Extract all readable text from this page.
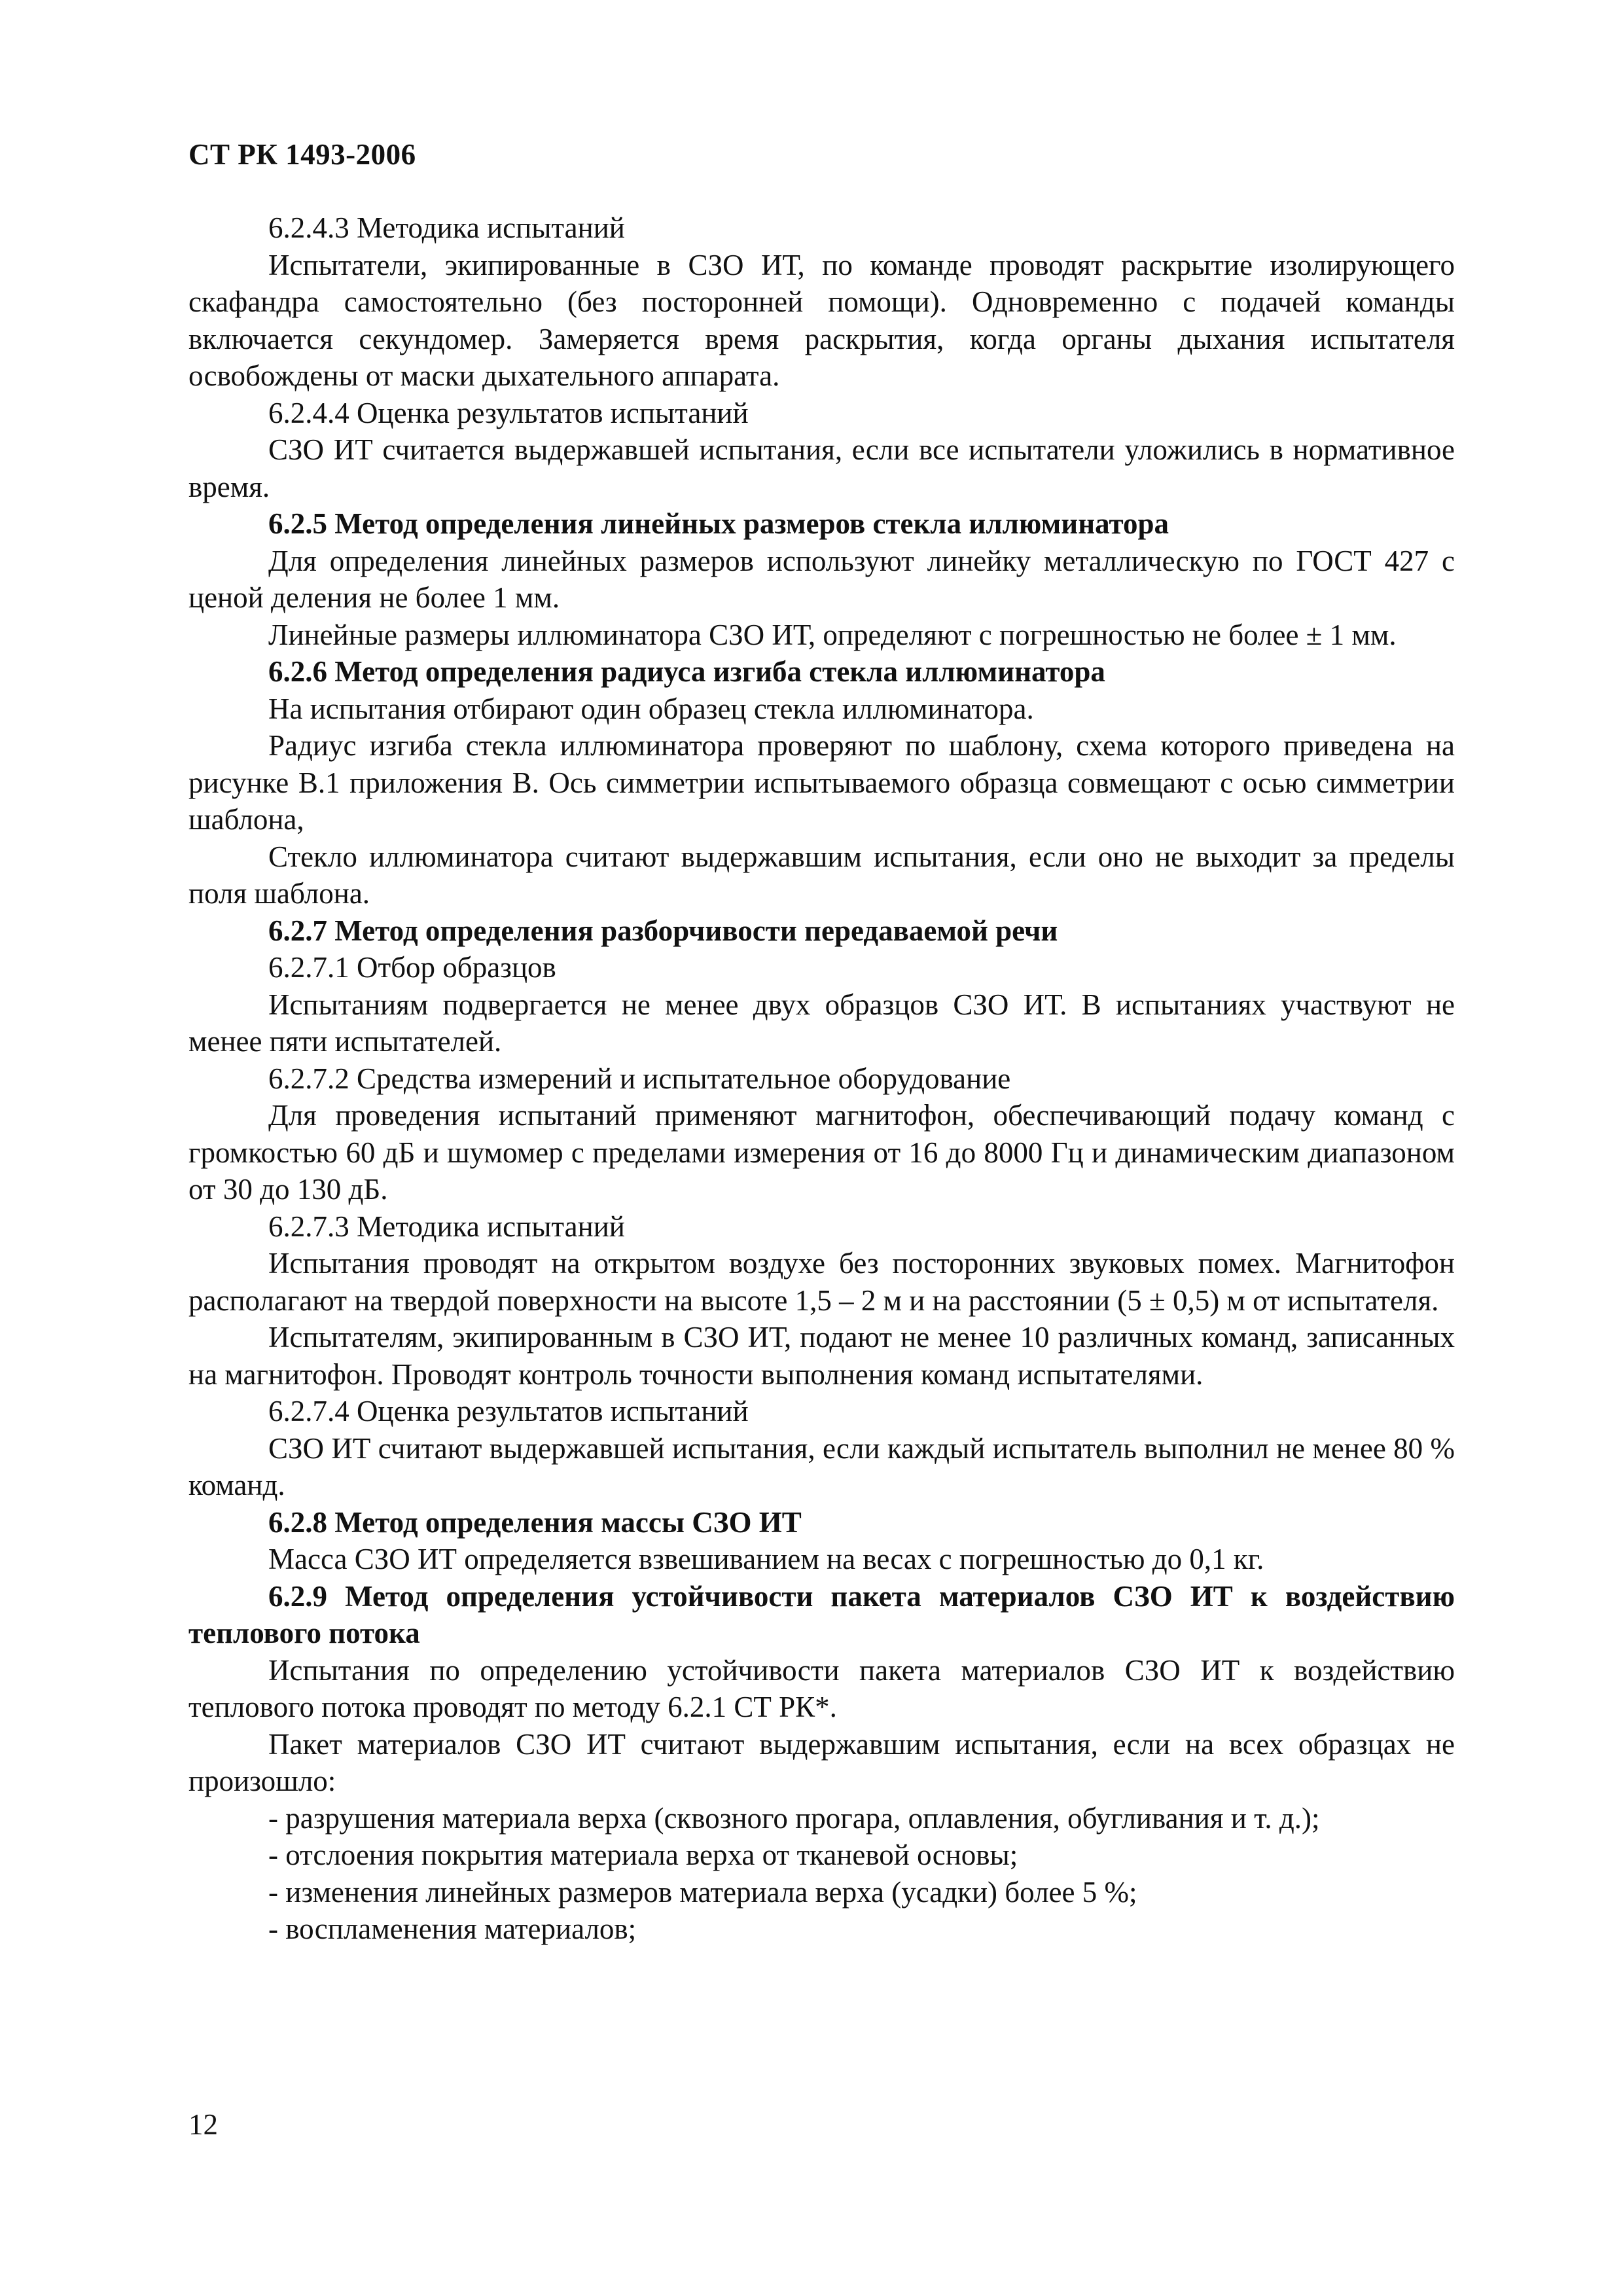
СТ РК 1493-2006

6.2.4.3 Методика испытаний

Испытатели, экипированные в СЗО ИТ, по команде проводят раскрытие изолирующего скафандра самостоятельно (без посторонней помощи). Одновременно с подачей команды включается секундомер. Замеряется время раскрытия, когда органы дыхания испытателя освобождены от маски дыхательного аппарата.

6.2.4.4 Оценка результатов испытаний

СЗО ИТ считается выдержавшей испытания, если все испытатели уложились в нормативное время.

6.2.5 Метод определения линейных размеров стекла иллюминатора

Для определения линейных размеров используют линейку металлическую по ГОСТ 427 с ценой деления не более 1 мм.

Линейные размеры иллюминатора СЗО ИТ, определяют с погрешностью не более ± 1 мм.

6.2.6 Метод определения радиуса изгиба стекла иллюминатора

На испытания отбирают один образец стекла иллюминатора.

Радиус изгиба стекла иллюминатора проверяют по шаблону, схема которого приведена на рисунке В.1 приложения В. Ось симметрии испытываемого образца совмещают с осью симметрии шаблона,

Стекло иллюминатора считают выдержавшим испытания, если оно не выходит за пределы поля шаблона.

6.2.7 Метод определения разборчивости передаваемой речи

6.2.7.1 Отбор образцов

Испытаниям подвергается не менее двух образцов СЗО ИТ. В испытаниях участвуют не менее пяти испытателей.

6.2.7.2 Средства измерений и испытательное оборудование

Для проведения испытаний применяют магнитофон, обеспечивающий подачу команд с громкостью 60 дБ и шумомер с пределами измерения от 16 до 8000 Гц и динамическим диапазоном от 30 до 130 дБ.

6.2.7.3 Методика испытаний

Испытания проводят на открытом воздухе без посторонних звуковых помех. Магнитофон располагают на твердой поверхности на высоте 1,5 – 2 м и на расстоянии (5 ± 0,5) м от испытателя.

Испытателям, экипированным в СЗО ИТ, подают не менее 10 различных команд, записанных на магнитофон. Проводят контроль точности выполнения команд испытателями.

6.2.7.4 Оценка результатов испытаний

СЗО ИТ считают выдержавшей испытания, если каждый испытатель выполнил не менее 80 % команд.

6.2.8 Метод определения массы СЗО ИТ

Масса СЗО ИТ определяется взвешиванием на весах с погрешностью до 0,1 кг.

6.2.9 Метод определения устойчивости пакета материалов СЗО ИТ к воздействию теплового потока

Испытания по определению устойчивости пакета материалов СЗО ИТ к воздействию теплового потока проводят по методу 6.2.1 СТ РК*.

Пакет материалов СЗО ИТ считают выдержавшим испытания, если на всех образцах не произошло:

- разрушения материала верха (сквозного прогара, оплавления, обугливания и т. д.);

- отслоения покрытия материала верха от тканевой основы;

- изменения линейных размеров материала верха (усадки) более 5 %;

- воспламенения материалов;

12
